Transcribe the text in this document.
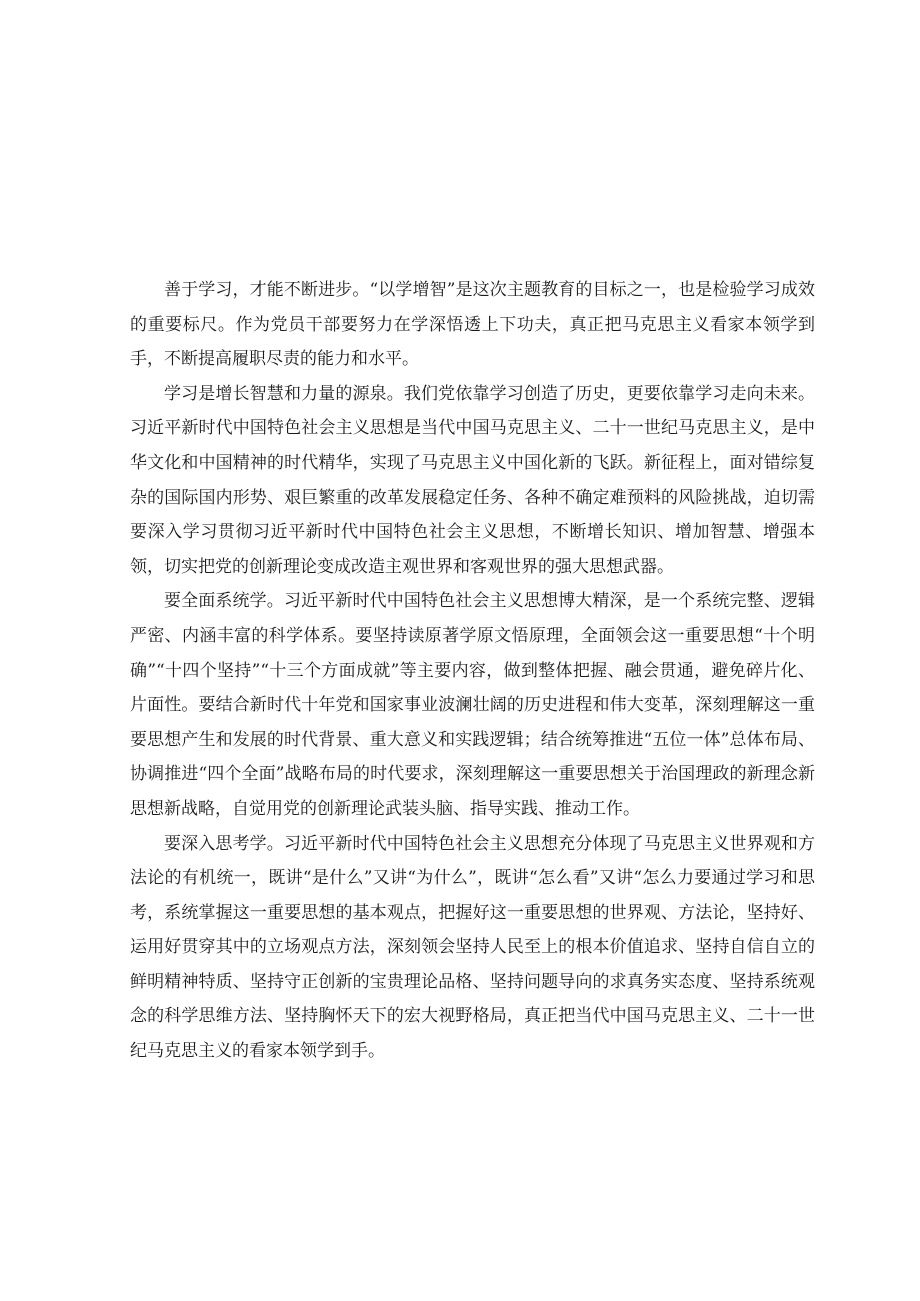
善于学习，才能不断进步。“以学增智”是这次主题教育的目标之一，也是检验学习成效的重要标尺。作为党员干部要努力在学深悟透上下功夫，真正把马克思主义看家本领学到手，不断提高履职尽责的能力和水平。

学习是增长智慧和力量的源泉。我们党依靠学习创造了历史，更要依靠学习走向未来。习近平新时代中国特色社会主义思想是当代中国马克思主义、二十一世纪马克思主义，是中华文化和中国精神的时代精华，实现了马克思主义中国化新的飞跃。新征程上，面对错综复杂的国际国内形势、艰巨繁重的改革发展稳定任务、各种不确定难预料的风险挑战，迫切需要深入学习贯彻习近平新时代中国特色社会主义思想，不断增长知识、增加智慧、增强本领，切实把党的创新理论变成改造主观世界和客观世界的强大思想武器。

要全面系统学。习近平新时代中国特色社会主义思想博大精深，是一个系统完整、逻辑严密、内涵丰富的科学体系。要坚持读原著学原文悟原理，全面领会这一重要思想“十个明确”“十四个坚持”“十三个方面成就”等主要内容，做到整体把握、融会贯通，避免碎片化、片面性。要结合新时代十年党和国家事业波澜壮阔的历史进程和伟大变革，深刻理解这一重要思想产生和发展的时代背景、重大意义和实践逻辑；结合统筹推进“五位一体”总体布局、协调推进“四个全面”战略布局的时代要求，深刻理解这一重要思想关于治国理政的新理念新思想新战略，自觉用党的创新理论武装头脑、指导实践、推动工作。

要深入思考学。习近平新时代中国特色社会主义思想充分体现了马克思主义世界观和方法论的有机统一，既讲“是什么”又讲“为什么”，既讲“怎么看”又讲“怎么力要通过学习和思考，系统掌握这一重要思想的基本观点，把握好这一重要思想的世界观、方法论，坚持好、运用好贯穿其中的立场观点方法，深刻领会坚持人民至上的根本价值追求、坚持自信自立的鲜明精神特质、坚持守正创新的宝贵理论品格、坚持问题导向的求真务实态度、坚持系统观念的科学思维方法、坚持胸怀天下的宏大视野格局，真正把当代中国马克思主义、二十一世纪马克思主义的看家本领学到手。
